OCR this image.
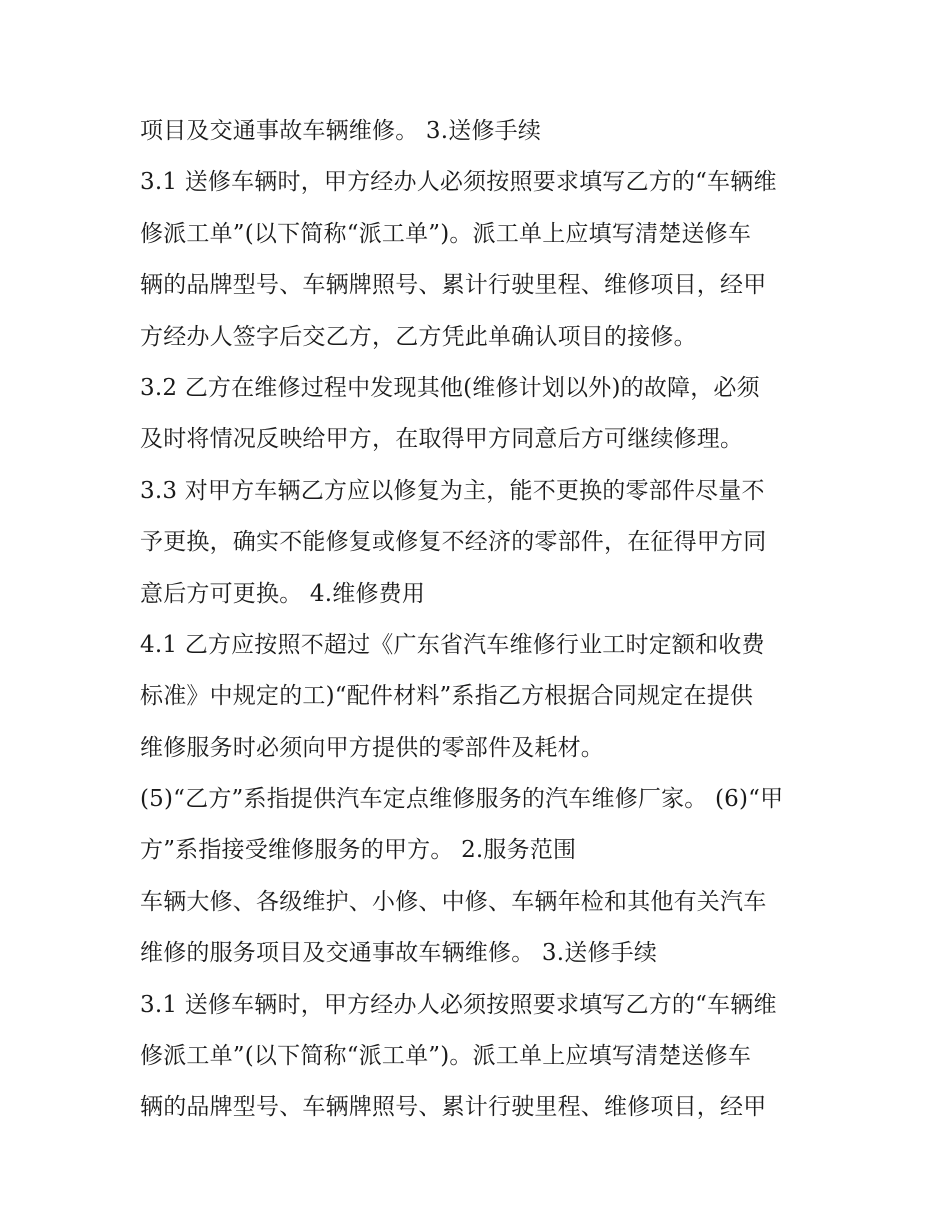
项目及交通事故车辆维修。 3.送修手续
3.1 送修车辆时，甲方经办人必须按照要求填写乙方的“车辆维
修派工单”(以下简称“派工单”)。派工单上应填写清楚送修车
辆的品牌型号、车辆牌照号、累计行驶里程、维修项目，经甲
方经办人签字后交乙方，乙方凭此单确认项目的接修。
3.2 乙方在维修过程中发现其他(维修计划以外)的故障，必须
及时将情况反映给甲方，在取得甲方同意后方可继续修理。
3.3 对甲方车辆乙方应以修复为主，能不更换的零部件尽量不
予更换，确实不能修复或修复不经济的零部件，在征得甲方同
意后方可更换。 4.维修费用
4.1 乙方应按照不超过《广东省汽车维修行业工时定额和收费
标准》中规定的工)“配件材料”系指乙方根据合同规定在提供
维修服务时必须向甲方提供的零部件及耗材。
(5)“乙方”系指提供汽车定点维修服务的汽车维修厂家。 (6)“甲
方”系指接受维修服务的甲方。 2.服务范围
车辆大修、各级维护、小修、中修、车辆年检和其他有关汽车
维修的服务项目及交通事故车辆维修。 3.送修手续
3.1 送修车辆时，甲方经办人必须按照要求填写乙方的“车辆维
修派工单”(以下简称“派工单”)。派工单上应填写清楚送修车
辆的品牌型号、车辆牌照号、累计行驶里程、维修项目，经甲
